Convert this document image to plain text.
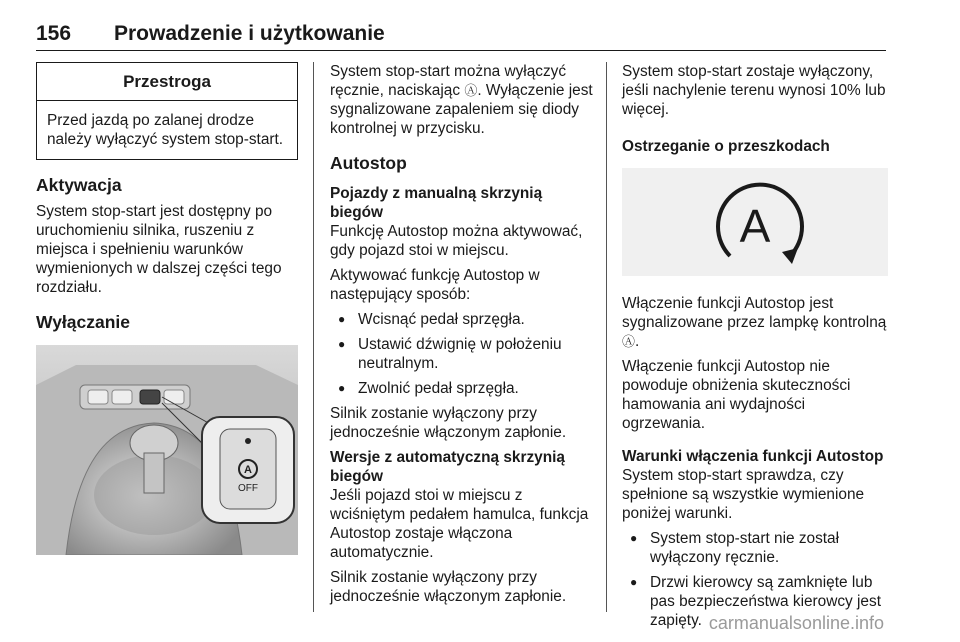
156 Prowadzenie i użytkowanie
Przestroga
Przed jazdą po zalanej drodze należy wyłączyć system stop-start.
Aktywacja

System stop-start jest dostępny po uruchomieniu silnika, ruszeniu z miejsca i spełnieniu warunków wymienionych w dalszej części tego rozdziału.

Wyłączanie
A
OFF

System stop-start można wyłączyć ręcznie, naciskając Ⓐ. Wyłączenie jest sygnalizowane zapaleniem się diody kontrolnej w przycisku.

Autostop
Pojazdy z manualną skrzynią biegów

Funkcję Autostop można aktywować, gdy pojazd stoi w miejscu.

Aktywować funkcję Autostop w następujący sposób:

● Wcisnąć pedał sprzęgła.
● Ustawić dźwignię w położeniu neutralnym.
● Zwolnić pedał sprzęgła.

Silnik zostanie wyłączony przy jednocześnie włączonym zapłonie.

Wersje z automatyczną skrzynią biegów

Jeśli pojazd stoi w miejscu z wciśniętym pedałem hamulca, funkcja Autostop zostaje włączona automatycznie.

Silnik zostanie wyłączony przy jednocześnie włączonym zapłonie.

System stop-start zostaje wyłączony, jeśli nachylenie terenu wynosi 10% lub więcej.

Ostrzeganie o przeszkodach
A

Włączenie funkcji Autostop jest sygnalizowane przez lampkę kontrolną Ⓐ.

Włączenie funkcji Autostop nie powoduje obniżenia skuteczności hamowania ani wydajności ogrzewania.

Warunki włączenia funkcji Autostop

System stop-start sprawdza, czy spełnione są wszystkie wymienione poniżej warunki.

● System stop-start nie został wyłączony ręcznie.
● Drzwi kierowcy są zamknięte lub pas bezpieczeństwa kierowcy jest zapięty. carmanualsonline.info
